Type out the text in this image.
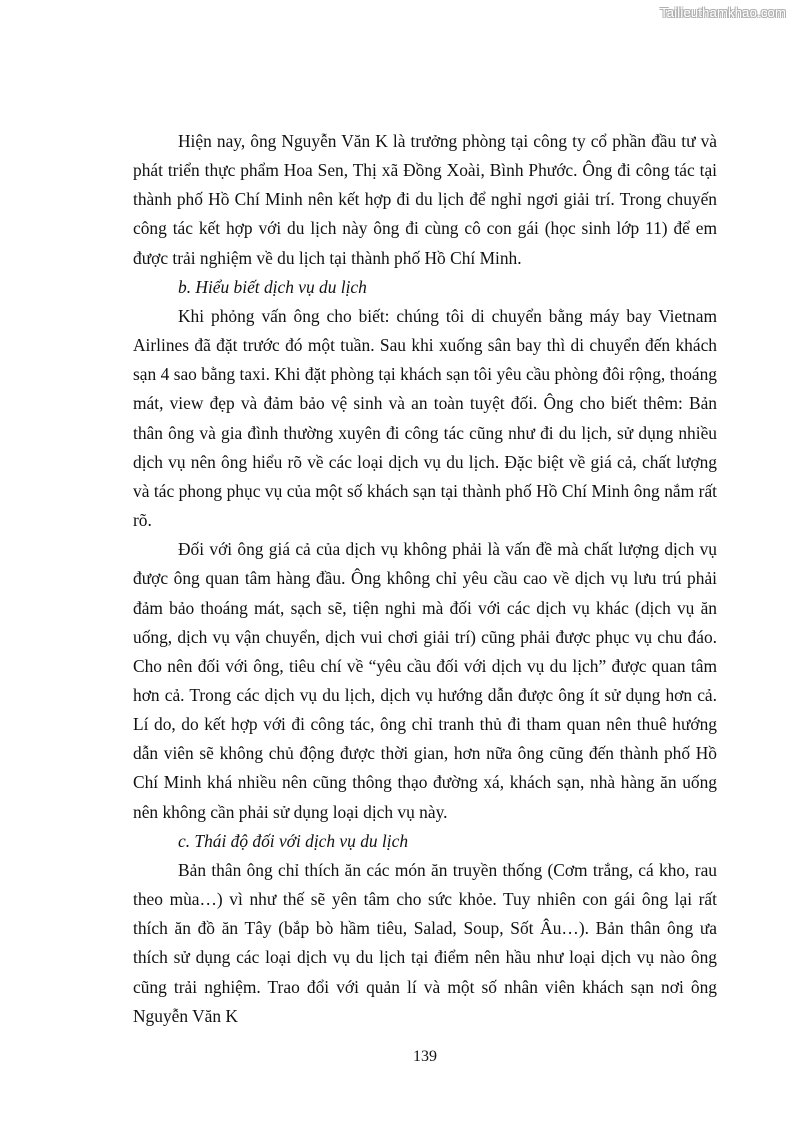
Tailieuthamkhao.com

Hiện nay, ông Nguyễn Văn K là trưởng phòng tại công ty cổ phần đầu tư và phát triển thực phẩm Hoa Sen, Thị xã Đồng Xoài, Bình Phước. Ông đi công tác tại thành phố Hồ Chí Minh nên kết hợp đi du lịch để nghỉ ngơi giải trí. Trong chuyến công tác kết hợp với du lịch này ông đi cùng cô con gái (học sinh lớp 11) để em được trải nghiệm về du lịch tại thành phố Hồ Chí Minh.

b. Hiểu biết dịch vụ du lịch

Khi phỏng vấn ông cho biết: chúng tôi di chuyển bằng máy bay Vietnam Airlines đã đặt trước đó một tuần. Sau khi xuống sân bay thì di chuyển đến khách sạn 4 sao bằng taxi. Khi đặt phòng tại khách sạn tôi yêu cầu phòng đôi rộng, thoáng mát, view đẹp và đảm bảo vệ sinh và an toàn tuyệt đối. Ông cho biết thêm: Bản thân ông và gia đình thường xuyên đi công tác cũng như đi du lịch, sử dụng nhiều dịch vụ nên ông hiểu rõ về các loại dịch vụ du lịch. Đặc biệt về giá cả, chất lượng và tác phong phục vụ của một số khách sạn tại thành phố Hồ Chí Minh ông nắm rất rõ.

Đối với ông giá cả của dịch vụ không phải là vấn đề mà chất lượng dịch vụ được ông quan tâm hàng đầu. Ông không chỉ yêu cầu cao về dịch vụ lưu trú phải đảm bảo thoáng mát, sạch sẽ, tiện nghi mà đối với các dịch vụ khác (dịch vụ ăn uống, dịch vụ vận chuyển, dịch vui chơi giải trí) cũng phải được phục vụ chu đáo. Cho nên đối với ông, tiêu chí về “yêu cầu đối với dịch vụ du lịch” được quan tâm hơn cả. Trong các dịch vụ du lịch, dịch vụ hướng dẫn được ông ít sử dụng hơn cả. Lí do, do kết hợp với đi công tác, ông chỉ tranh thủ đi tham quan nên thuê hướng dẫn viên sẽ không chủ động được thời gian, hơn nữa ông cũng đến thành phố Hồ Chí Minh khá nhiều nên cũng thông thạo đường xá, khách sạn, nhà hàng ăn uống nên không cần phải sử dụng loại dịch vụ này.

c. Thái độ đối với dịch vụ du lịch

Bản thân ông chỉ thích ăn các món ăn truyền thống (Cơm trắng, cá kho, rau theo mùa…) vì như thế sẽ yên tâm cho sức khỏe. Tuy nhiên con gái ông lại rất thích ăn đồ ăn Tây (bắp bò hầm tiêu, Salad, Soup, Sốt Âu…). Bản thân ông ưa thích sử dụng các loại dịch vụ du lịch tại điểm nên hầu như loại dịch vụ nào ông cũng trải nghiệm. Trao đổi với quản lí và một số nhân viên khách sạn nơi ông Nguyễn Văn K

139
